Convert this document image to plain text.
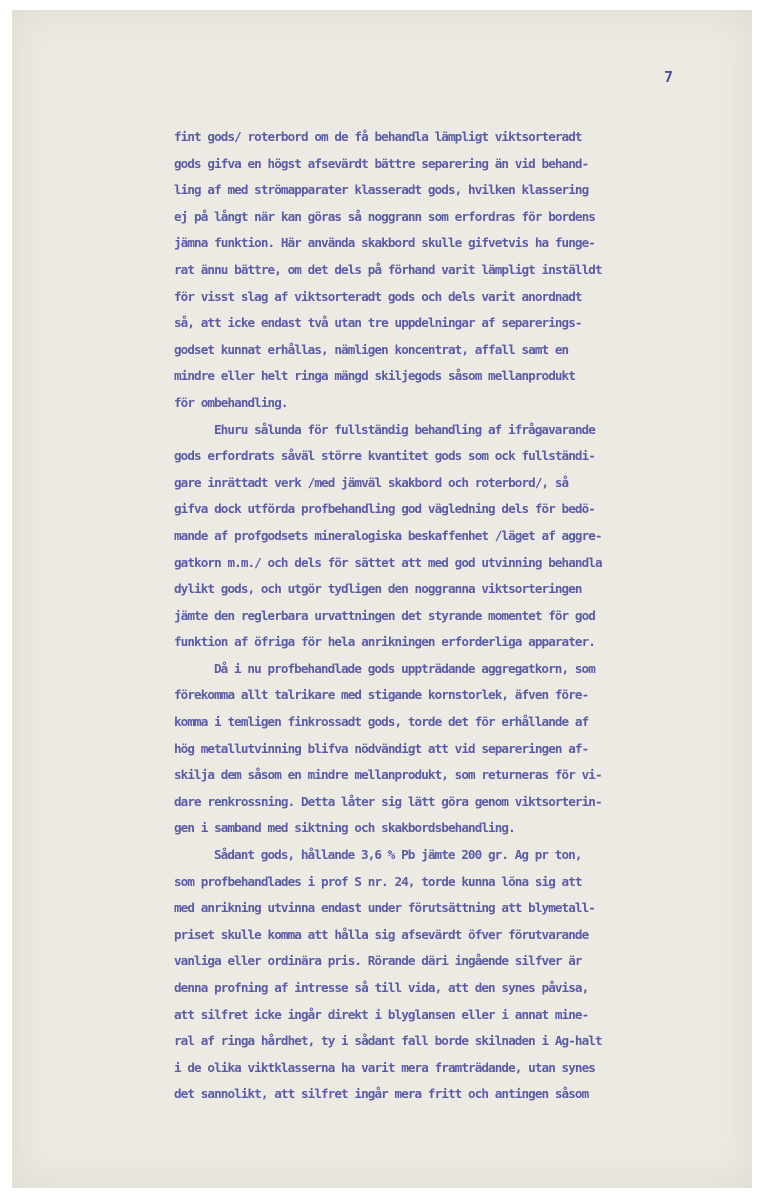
7
fint gods/ roterbord om de få behandla lämpligt viktsorteradt
gods gifva en högst afsevärdt bättre separering än vid behand-
ling af med strömapparater klasseradt gods, hvilken klassering
ej på långt när kan göras så noggrann som erfordras för bordens
jämna funktion. Här använda skakbord skulle gifvetvis ha funge-
rat ännu bättre, om det dels på förhand varit lämpligt inställdt
för visst slag af viktsorteradt gods och dels varit anordnadt
så, att icke endast två utan tre uppdelningar af separerings-
godset kunnat erhållas, nämligen koncentrat, affall samt en
mindre eller helt ringa mängd skiljegods såsom mellanprodukt
för ombehandling.
Ehuru sålunda för fullständig behandling af ifrågavarande
gods erfordrats såväl större kvantitet gods som ock fullständi-
gare inrättadt verk /med jämväl skakbord och roterbord/, så
gifva dock utförda profbehandling god vägledning dels för bedö-
mande af profgodsets mineralogiska beskaffenhet /läget af aggre-
gatkorn m.m./ och dels för sättet att med god utvinning behandla
dylikt gods, och utgör tydligen den noggranna viktsorteringen
jämte den reglerbara urvattningen det styrande momentet för god
funktion af öfriga för hela anrikningen erforderliga apparater.
Då i nu profbehandlade gods uppträdande aggregatkorn, som
förekomma allt talrikare med stigande kornstorlek, äfven före-
komma i temligen finkrossadt gods, torde det för erhållande af
hög metallutvinning blifva nödvändigt att vid separeringen af-
skilja dem såsom en mindre mellanprodukt, som returneras för vi-
dare renkrossning. Detta låter sig lätt göra genom viktsorterin-
gen i samband med siktning och skakbordsbehandling.
Sådant gods, hållande 3,6 % Pb jämte 200 gr. Ag pr ton,
som profbehandlades i prof S nr. 24, torde kunna löna sig att
med anrikning utvinna endast under förutsättning att blymetall-
priset skulle komma att hålla sig afsevärdt öfver förutvarande
vanliga eller ordinära pris. Rörande däri ingående silfver är
denna profning af intresse så till vida, att den synes påvisa,
att silfret icke ingår direkt i blyglansen eller i annat mine-
ral af ringa hårdhet, ty i sådant fall borde skilnaden i Ag-halt
i de olika viktklasserna ha varit mera framträdande, utan synes
det sannolikt, att silfret ingår mera fritt och antingen såsom
